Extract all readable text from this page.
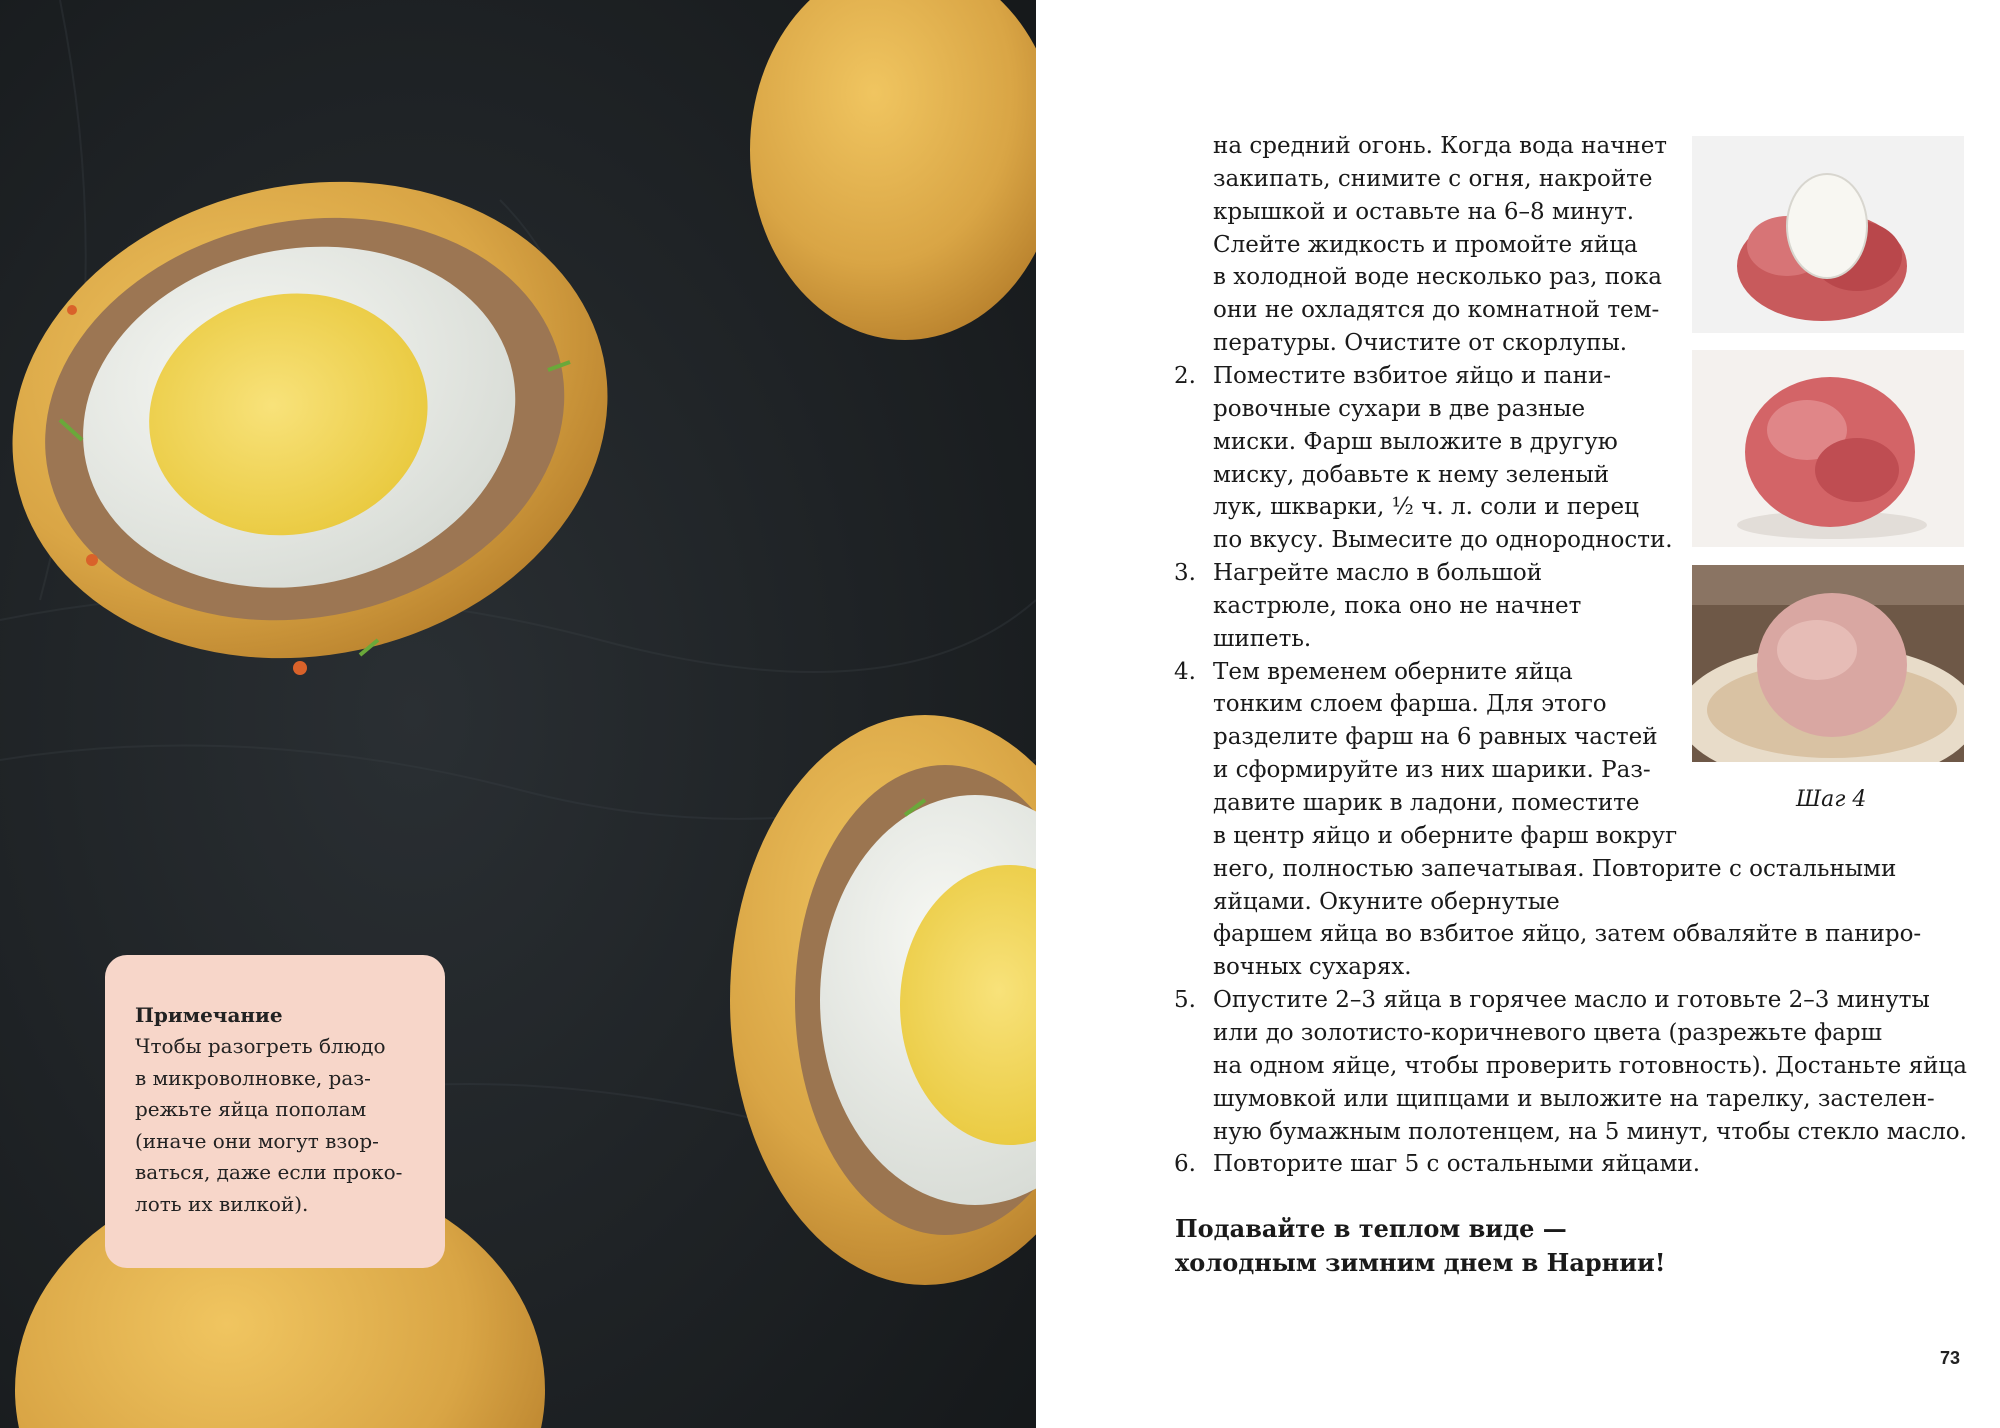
Примечание
Чтобы разогреть блюдо
в микроволновке, раз-
режьте яйца пополам
(иначе они могут взор-
ваться, даже если проко-
лоть их вилкой).
Шаг 4
на средний огонь. Когда вода начнет
закипать, снимите с огня, накройте
крышкой и оставьте на 6–8 минут.
Слейте жидкость и промойте яйца
в холодной воде несколько раз, пока
они не охладятся до комнатной тем-
пературы. Очистите от скорлупы.
2. Поместите взбитое яйцо и пани-
ровочные сухари в две разные
миски. Фарш выложите в другую
миску, добавьте к нему зеленый
лук, шкварки, ½ ч. л. соли и перец
по вкусу. Вымесите до однородности.
3. Нагрейте масло в большой
кастрюле, пока оно не начнет
шипеть.
4. Тем временем оберните яйца
тонким слоем фарша. Для этого
разделите фарш на 6 равных частей
и сформируйте из них шарики. Раз-
давите шарик в ладони, поместите
в центр яйцо и оберните фарш вокруг
него, полностью запечатывая. Повторите с остальными
яйцами. Окуните обернутые
фаршем яйца во взбитое яйцо, затем обваляйте в паниро-
вочных сухарях.
5. Опустите 2–3 яйца в горячее масло и готовьте 2–3 минуты
или до золотисто-коричневого цвета (разрежьте фарш
на одном яйце, чтобы проверить готовность). Достаньте яйца
шумовкой или щипцами и выложите на тарелку, застелен-
ную бумажным полотенцем, на 5 минут, чтобы стекло масло.
6. Повторите шаг 5 с остальными яйцами.
Подавайте в теплом виде —
холодным зимним днем в Нарнии!
73
